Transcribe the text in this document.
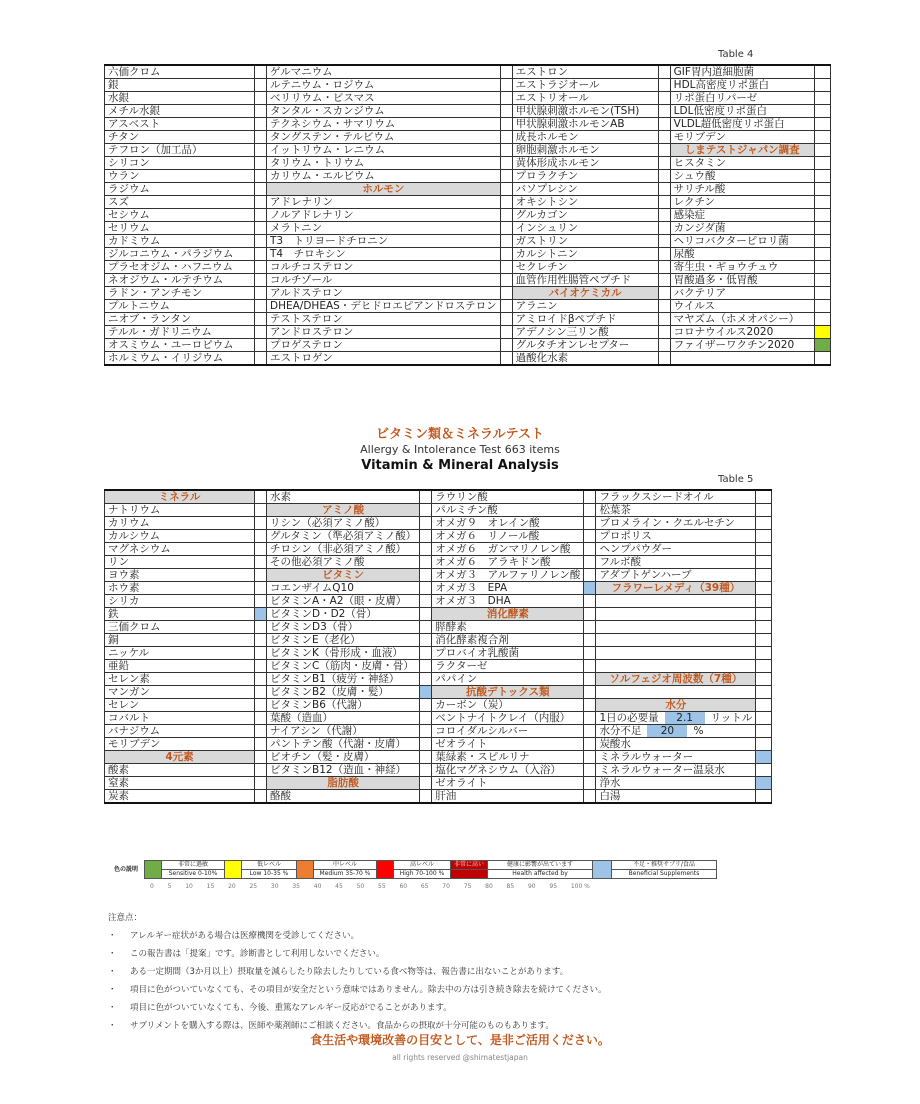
Table 4
六価クロム		ゲルマニウム		エストロン		GIF胃内道細胞菌	
銀		ルテニウム・ロジウム		エストラジオール		HDL高密度リポ蛋白	
水銀		ベリリウム・ビスマス		エストリオール		リポ蛋白リパーゼ	
メチル水銀		タンタル・スカンジウム		甲状腺刺激ホルモン(TSH)		LDL低密度リポ蛋白	
アスベスト		テクネシウム・サマリウム		甲状腺刺激ホルモンAB		VLDL超低密度リポ蛋白	
チタン		タングステン・テルビウム		成長ホルモン		モリブデン	
テフロン（加工品）		イットリウム・レニウム		卵胞刺激ホルモン		しまテストジャパン調査	
シリコン		タリウム・トリウム		黄体形成ホルモン		ヒスタミン	
ウラン		カリウム・エルビウム		プロラクチン		シュウ酸	
ラジウム		ホルモン		バソプレシン		サリチル酸	
スズ		アドレナリン		オキシトシン		レクチン	
セシウム		ノルアドレナリン		グルカゴン		感染症	
セリウム		メラトニン		インシュリン		カンジダ菌	
カドミウム		T3　トリヨードチロニン		ガストリン		ヘリコバクターピロリ菌	
ジルコニウム・パラジウム		T4　チロキシン		カルシトニン		尿酸	
プラセオジム・ハフニウム		コルチコステロン		セクレチン		寄生虫・ギョウチュウ	
ネオジウム・ルテチウム		コルチゾール		血管作用性腸管ペプチド		胃酸過多・低胃酸	
ラドン・アンチモン		アルドステロン		バイオケミカル		バクテリア	
プルトニウム		DHEA/DHEAS・デヒドロエピアンドロステロン		アラニン		ウイルス	
ニオブ・ランタン		テストステロン		アミロイドβペプチド		マヤズム（ホメオパシー）	
テルル・ガドリニウム		アンドロステロン		アデノシン三リン酸		コロナウイルス2020	
オスミウム・ユーロピウム		プロゲステロン		グルタチオンレセプター		ファイザーワクチン2020	
ホルミウム・イリジウム		エストロゲン		過酸化水素			
ビタミン類＆ミネラルテスト
Allergy & Intolerance Test 663 items
Vitamin & Mineral Analysis
Table 5
ミネラル		水素		ラウリン酸		フラックスシードオイル	
ナトリウム		アミノ酸		パルミチン酸		松葉茶	
カリウム		リシン（必須アミノ酸）		オメガ９　オレイン酸		ブロメライン・クエルセチン	
カルシウム		グルタミン（準必須アミノ酸）		オメガ６　リノール酸		プロポリス	
マグネシウム		チロシン（非必須アミノ酸）		オメガ６　ガンマリノレン酸		ヘンプパウダー	
リン		その他必須アミノ酸		オメガ６　アラキドン酸		フルボ酸	
ヨウ素		ビタミン		オメガ３　アルファリノレン酸		アダプトゲンハーブ	
ホウ素		コエンザイムQ10		オメガ３　EPA		フラワーレメディ（39種）	
シリカ		ビタミンA・A2（眼・皮膚）		オメガ３　DHA			
鉄		ビタミンD・D2（骨）		消化酵素			
三価クロム		ビタミンD3（骨）		膵酵素			
銅		ビタミンE（老化）		消化酵素複合剤			
ニッケル		ビタミンK（骨形成・血液）		プロバイオ乳酸菌			
亜鉛		ビタミンC（筋肉・皮膚・骨）		ラクターゼ			
セレン素		ビタミンB1（疲労・神経）		パパイン		ソルフェジオ周波数（7種）	
マンガン		ビタミンB2（皮膚・髪）		抗酸デトックス類			
セレン		ビタミンB6（代謝）		カーボン（炭）		水分	
コバルト		葉酸（造血）		ベントナイトクレイ（内服）		1日の必要量 2.1 リットル	
バナジウム		ナイアシン（代謝）		コロイダルシルバー		水分不足 20 %	
モリブデン		パントテン酸（代謝・皮膚）		ゼオライト		炭酸水	
4元素		ビオチン（髪・皮膚）		葉緑素・スピルリナ		ミネラルウォーター	
酸素		ビタミンB12（造血・神経）		塩化マグネシウム（入浴）		ミネラルウォーター温泉水	
窒素		脂肪酸		ゼオライト		浄水	
炭素		酪酸		肝油		白湯	
色の説明		非常に過敏		低レベル		中レベル		高レベル	非常に高い	健康に影響が出ています		不足・推奨サプリ/食品
		Sensitive 0-10%		Low 10-35 %		Medium 35-70 %		High 70-100 %		Health affected by		Beneficial Supplements
0 5 10 15 20 25 30 35 40 45 50 55 60 65 70 75 80 85 90 95 100 %
注意点：
・ アレルギー症状がある場合は医療機関を受診してください。
・ この報告書は「提案」です。診断書として利用しないでください。
・ ある一定期間（3か月以上）摂取量を減らしたり除去したりしている食べ物等は、報告書に出ないことがあります。
・ 項目に色がついていなくても、その項目が安全だという意味ではありません。除去中の方は引き続き除去を続けてください。
・ 項目に色がついていなくても、今後、重篤なアレルギー反応がでることがあります。
・ サプリメントを購入する際は、医師や薬剤師にご相談ください。食品からの摂取が十分可能のものもあります。
食生活や環境改善の目安として、是非ご活用ください。
all rights reserved @shimatestjapan
